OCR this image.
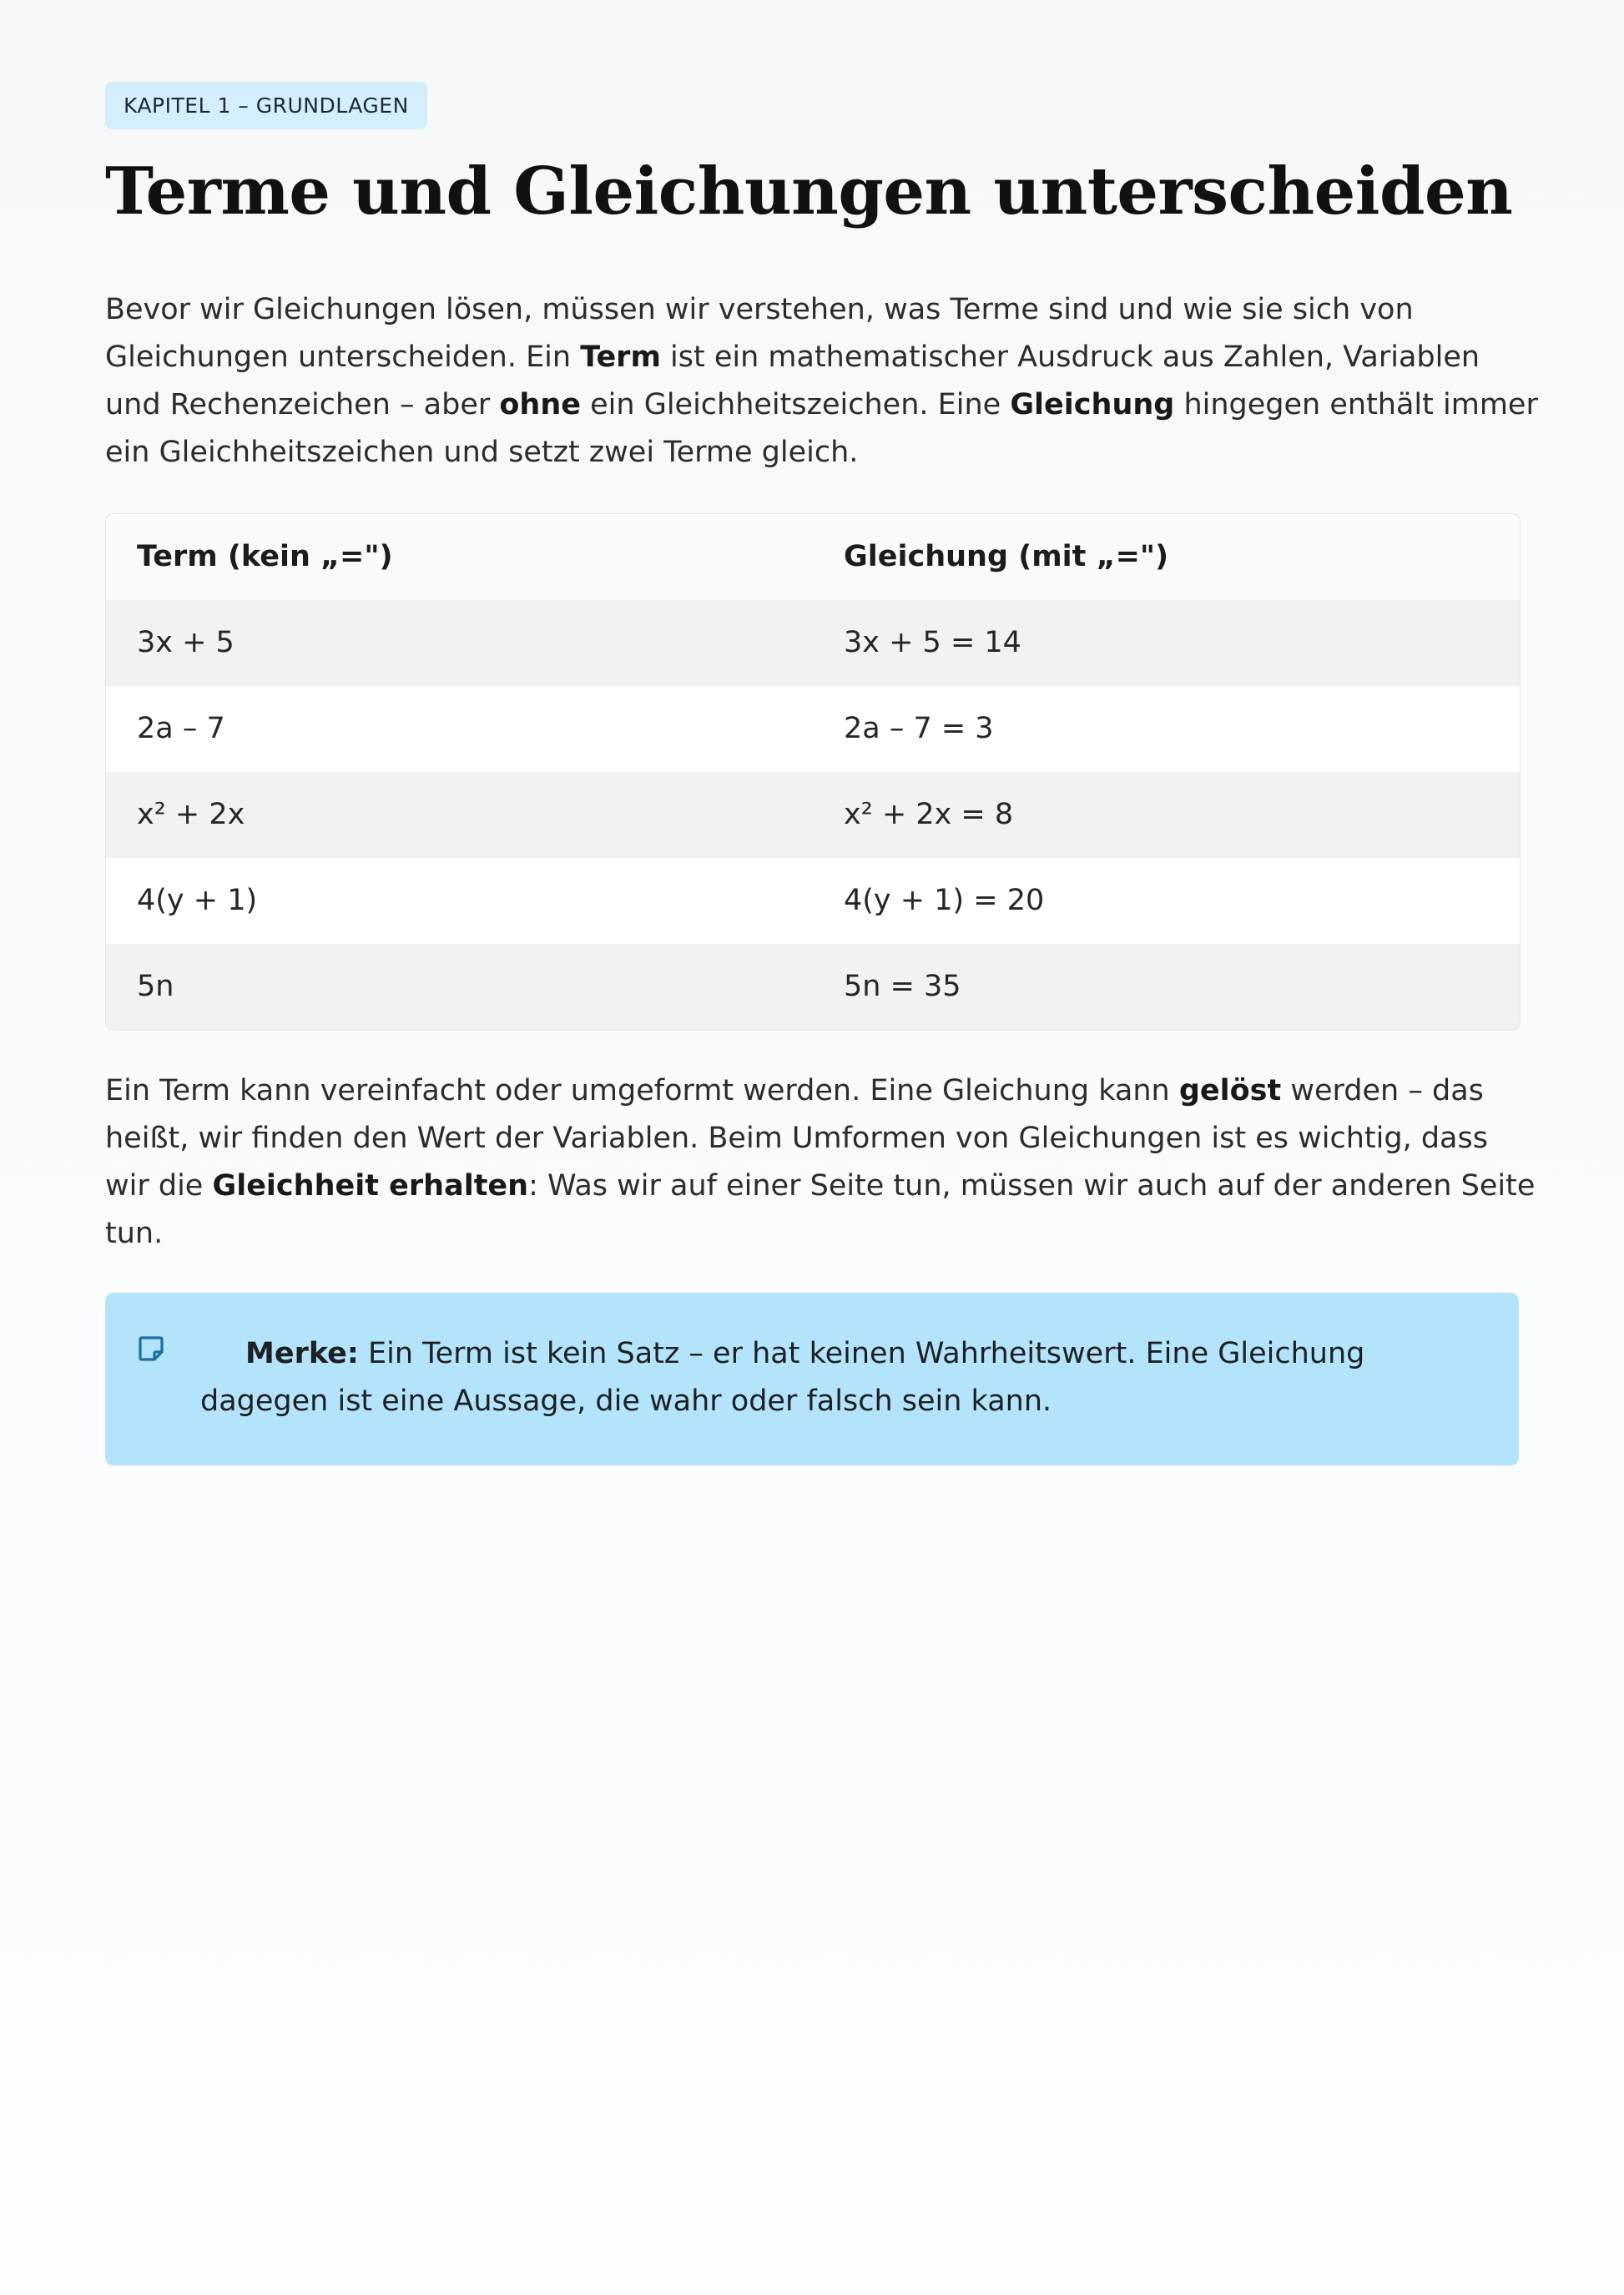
KAPITEL 1 – GRUNDLAGEN
Terme und Gleichungen unterscheiden

Bevor wir Gleichungen lösen, müssen wir verstehen, was Terme sind und wie sie sich von Gleichungen unterscheiden. Ein Term ist ein mathematischer Ausdruck aus Zahlen, Variablen und Rechenzeichen – aber ohne ein Gleichheitszeichen. Eine Gleichung hingegen enthält immer ein Gleichheitszeichen und setzt zwei Terme gleich.

Term (kein „=")	Gleichung (mit „=")
3x + 5	3x + 5 = 14
2a – 7	2a – 7 = 3
x² + 2x	x² + 2x = 8
4(y + 1)	4(y + 1) = 20
5n	5n = 35

Ein Term kann vereinfacht oder umgeformt werden. Eine Gleichung kann gelöst werden – das heißt, wir finden den Wert der Variablen. Beim Umformen von Gleichungen ist es wichtig, dass wir die Gleichheit erhalten: Was wir auf einer Seite tun, müssen wir auch auf der anderen Seite tun.

Merke: Ein Term ist kein Satz – er hat keinen Wahrheitswert. Eine Gleichung dagegen ist eine Aussage, die wahr oder falsch sein kann.
